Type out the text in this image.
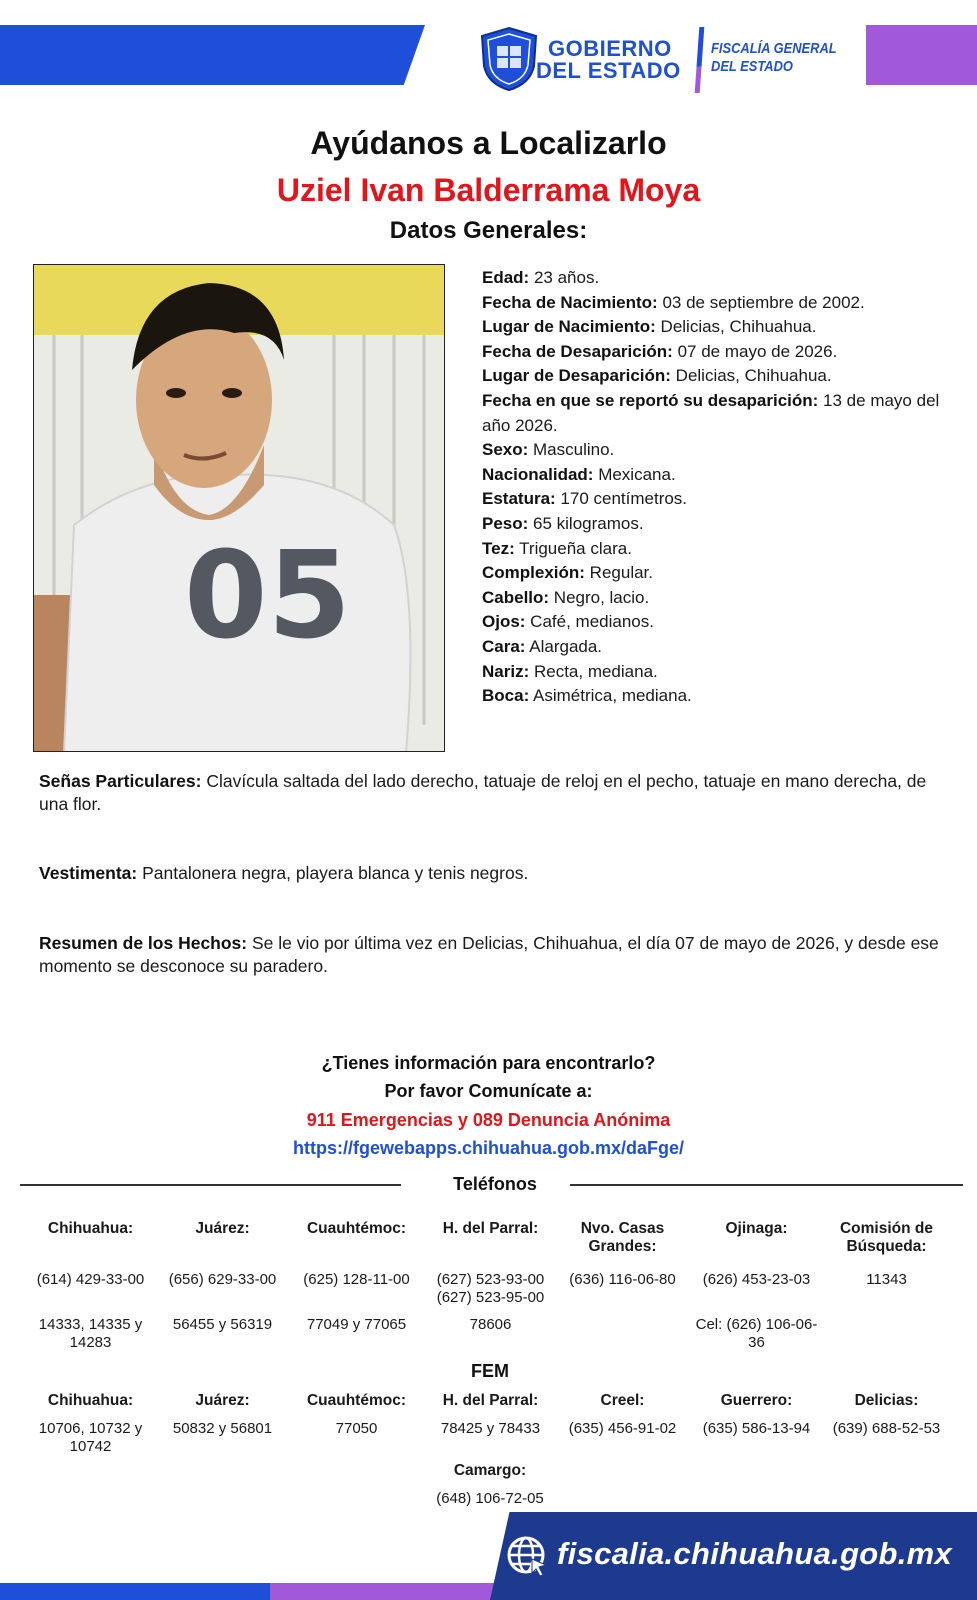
GOBIERNO
DEL ESTADO
FISCALÍA GENERAL
DEL ESTADO
Ayúdanos a Localizarlo
Uziel Ivan Balderrama Moya
Datos Generales:
05
Edad: 23 años.
Fecha de Nacimiento: 03 de septiembre de 2002.
Lugar de Nacimiento: Delicias, Chihuahua.
Fecha de Desaparición: 07 de mayo de 2026.
Lugar de Desaparición: Delicias, Chihuahua.
Fecha en que se reportó su desaparición: 13 de mayo del año 2026.
Sexo: Masculino.
Nacionalidad: Mexicana.
Estatura: 170 centímetros.
Peso: 65 kilogramos.
Tez: Trigueña clara.
Complexión: Regular.
Cabello: Negro, lacio.
Ojos: Café, medianos.
Cara: Alargada.
Nariz: Recta, mediana.
Boca: Asimétrica, mediana.
Señas Particulares: Clavícula saltada del lado derecho, tatuaje de reloj en el pecho, tatuaje en mano derecha, de una flor.
Vestimenta: Pantalonera negra, playera blanca y tenis negros.
Resumen de los Hechos: Se le vio por última vez en Delicias, Chihuahua, el día 07 de mayo de 2026, y desde ese momento se desconoce su paradero.
¿Tienes información para encontrarlo?
Por favor Comunícate a:
911 Emergencias y 089 Denuncia Anónima
https://fgewebapps.chihuahua.gob.mx/daFge/
Teléfonos
Chihuahua:
(614) 429-33-00
14333, 14335 y 14283
Juárez:
(656) 629-33-00
56455 y 56319
Cuauhtémoc:
(625) 128-11-00
77049 y 77065
H. del Parral:
(627) 523-93-00 (627) 523-95-00
78606
Nvo. Casas Grandes:
(636) 116-06-80
Ojinaga:
(626) 453-23-03
Cel: (626) 106-06-36
Comisión de Búsqueda:
11343
FEM
Chihuahua:
10706, 10732 y 10742
Juárez:
50832 y 56801
Cuauhtémoc:
77050
H. del Parral:
78425 y 78433
Creel:
(635) 456-91-02
Guerrero:
(635) 586-13-94
Delicias:
(639) 688-52-53
Camargo:
(648) 106-72-05
fiscalia.chihuahua.gob.mx
